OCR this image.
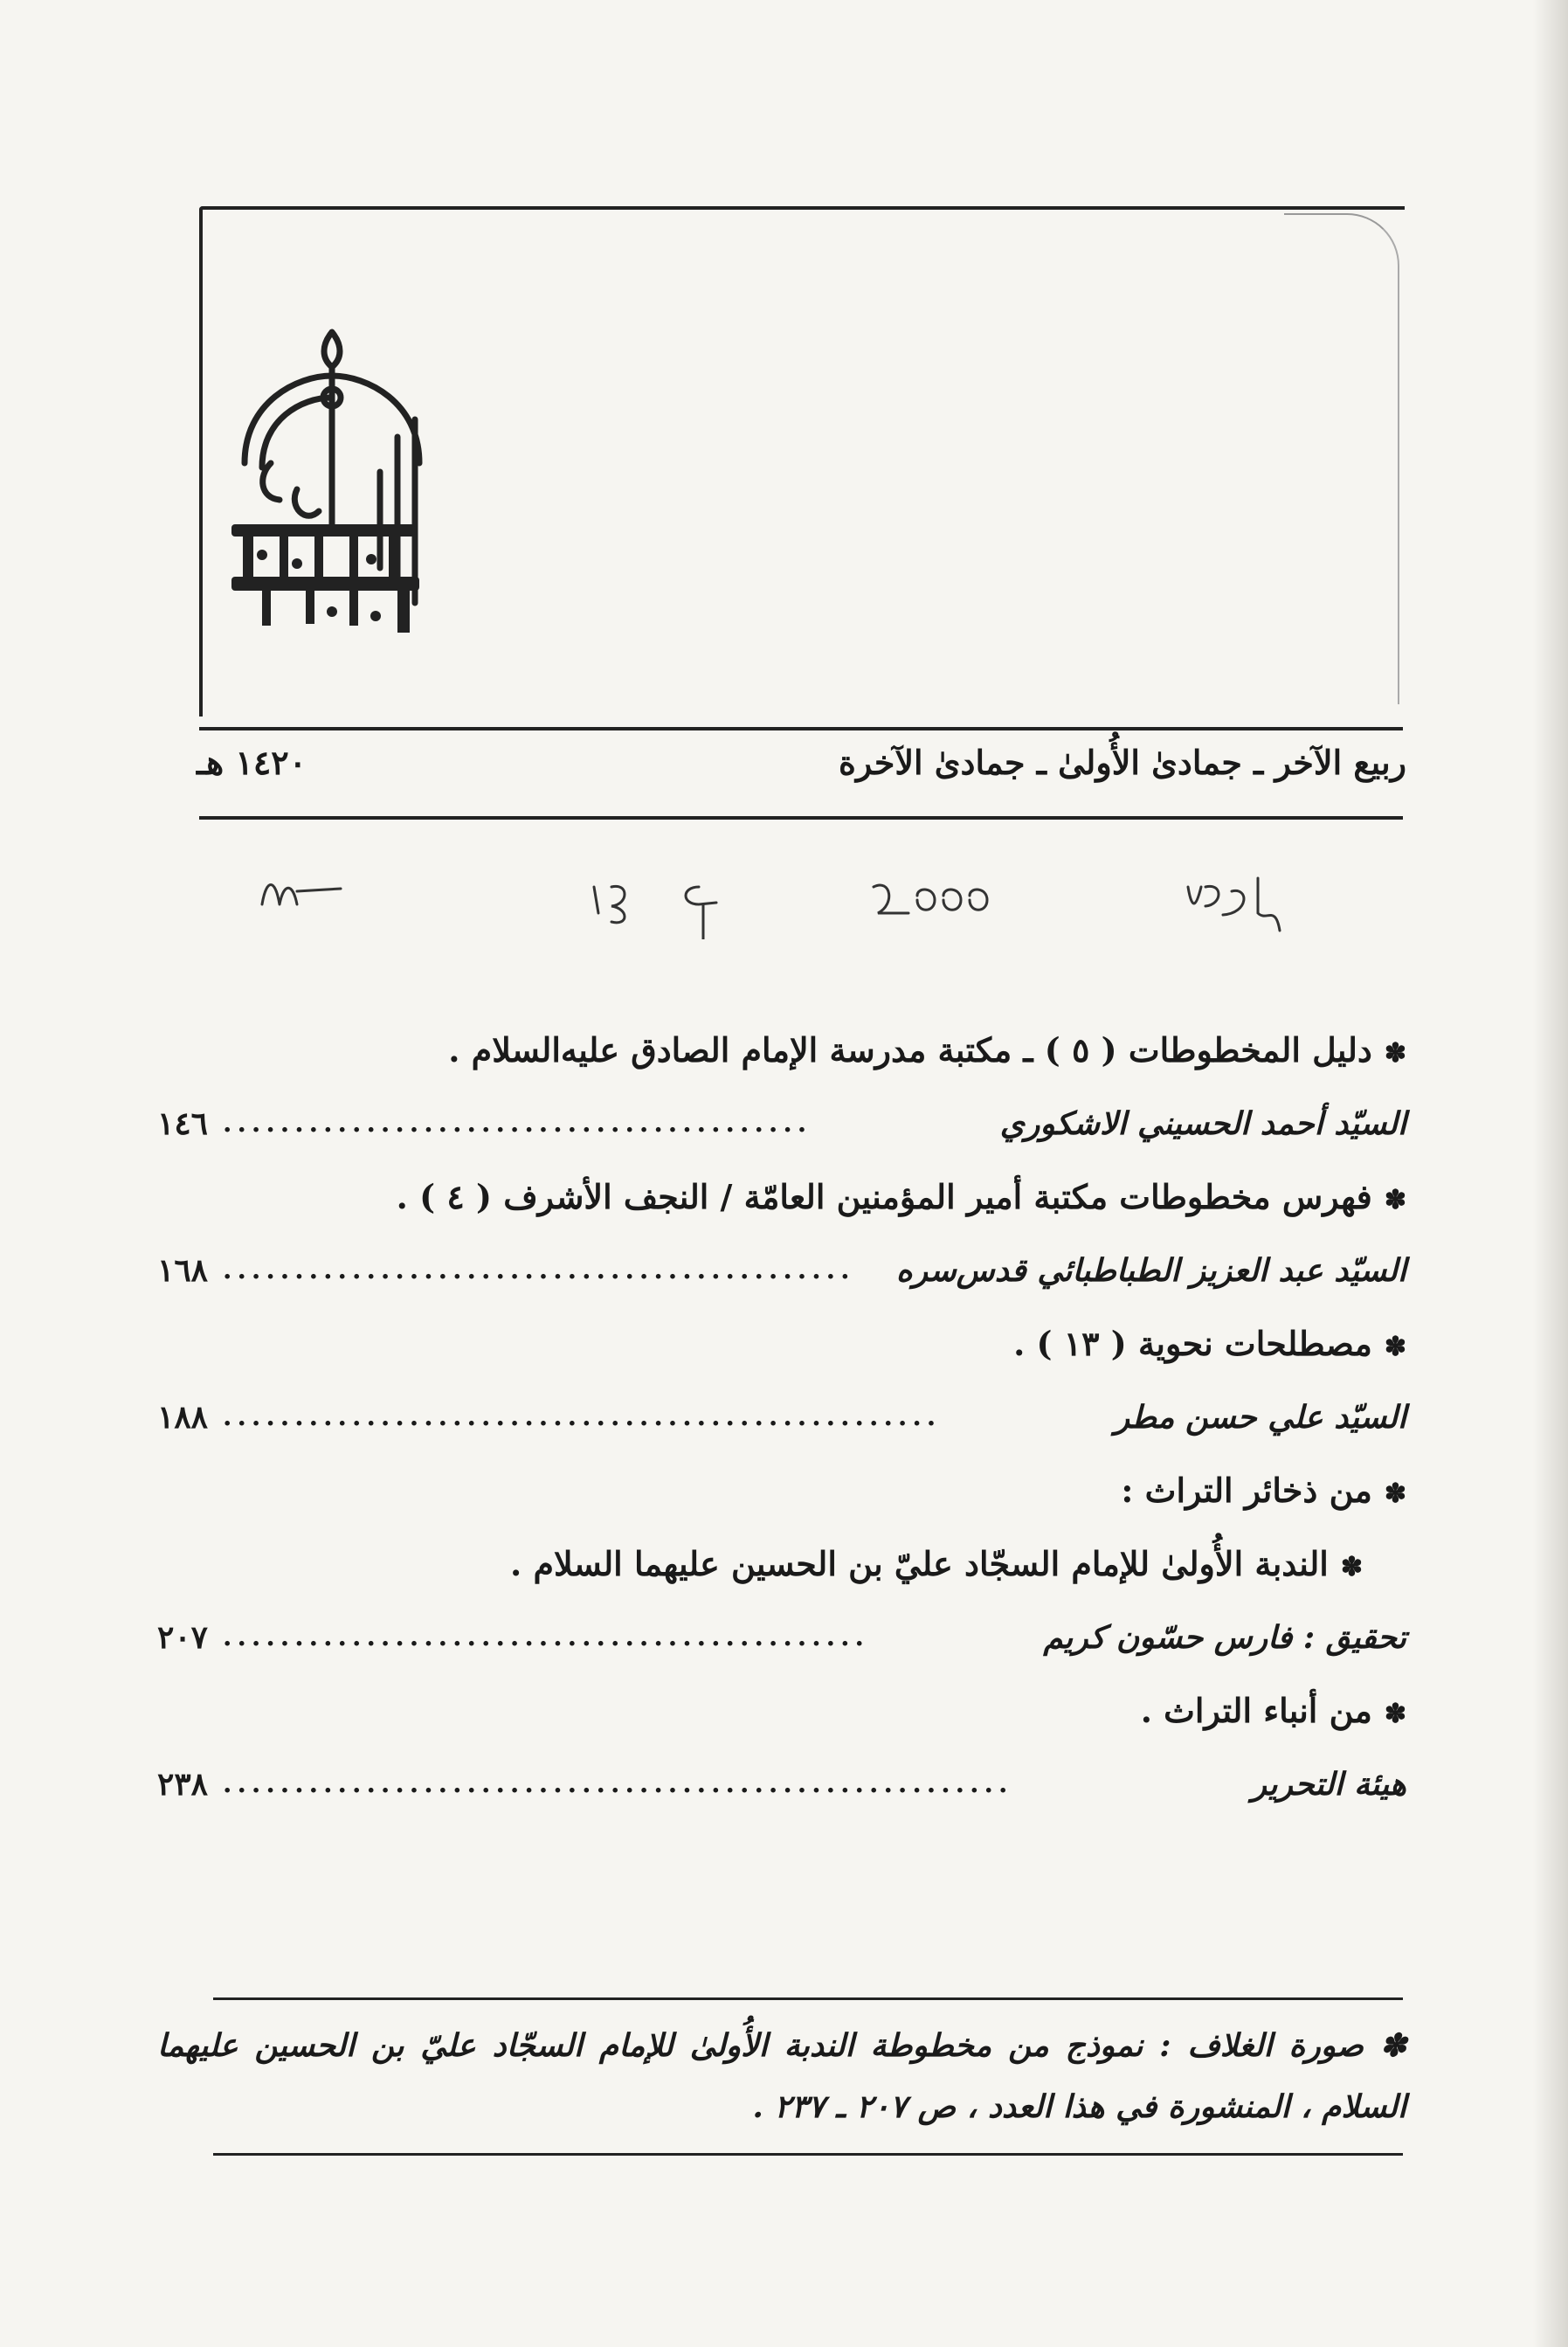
ربيع الآخر ـ جمادیٰ الأُولیٰ ـ جمادیٰ الآخرة
١٤٢٠ هـ
✽دليل المخطوطات ( ٥ ) ـ مكتبة مدرسة الإمام الصادق عليه‌السلام .
السيّد أحمد الحسيني الاشكوري
.........................................
١٤٦
✽فهرس مخطوطات مكتبة أمير المؤمنين العامّة / النجف الأشرف ( ٤ ) .
السيّد عبد العزيز الطباطبائي قدس‌سره
............................................
١٦٨
✽مصطلحات نحوية ( ١٣ ) .
السيّد علي حسن مطر
..................................................
١٨٨
✽من ذخائر التراث :
✽الندبة الأُولىٰ للإمام السجّاد عليّ بن الحسين عليهما السلام .
تحقيق : فارس حسّون كريم
.............................................
٢٠٧
✽من أنباء التراث .
هيئة التحرير
.......................................................
٢٣٨
✽ صورة الغلاف : نموذج من مخطوطة الندبة الأُولىٰ للإمام السجّاد عليّ بن الحسين عليهما السلام ، المنشورة في هذا العدد ، ص ٢٠٧ ـ ٢٣٧ .
